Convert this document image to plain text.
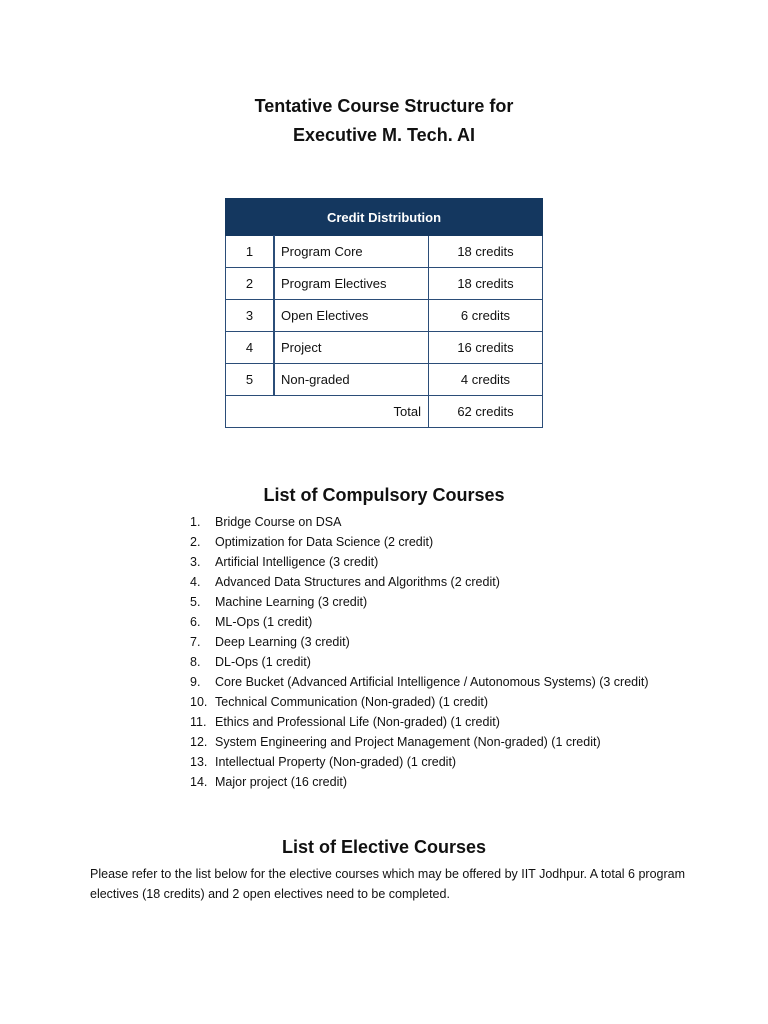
Tentative Course Structure for
Executive M. Tech. AI
Credit Distribution		
1	Program Core	18 credits
2	Program Electives	18 credits
3	Open Electives	6 credits
4	Project	16 credits
5	Non-graded	4 credits
Total		62 credits
List of Compulsory Courses
1. Bridge Course on DSA
2. Optimization for Data Science (2 credit)
3. Artificial Intelligence (3 credit)
4. Advanced Data Structures and Algorithms (2 credit)
5. Machine Learning (3 credit)
6. ML-Ops (1 credit)
7. Deep Learning (3 credit)
8. DL-Ops (1 credit)
9. Core Bucket (Advanced Artificial Intelligence / Autonomous Systems) (3 credit)
10. Technical Communication (Non-graded) (1 credit)
11. Ethics and Professional Life (Non-graded) (1 credit)
12. System Engineering and Project Management (Non-graded) (1 credit)
13. Intellectual Property (Non-graded) (1 credit)
14. Major project (16 credit)
List of Elective Courses

Please refer to the list below for the elective courses which may be offered by IIT Jodhpur. A total 6 program electives (18 credits) and 2 open electives need to be completed.
